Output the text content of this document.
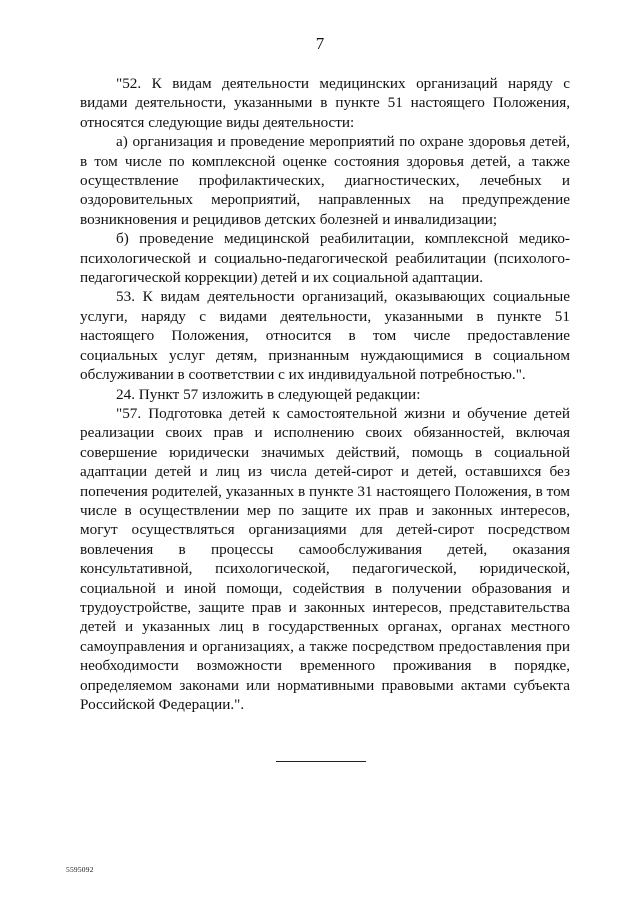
7

"52. К видам деятельности медицинских организаций наряду с видами деятельности, указанными в пункте 51 настоящего Положения, относятся следующие виды деятельности:

а) организация и проведение мероприятий по охране здоровья детей, в том числе по комплексной оценке состояния здоровья детей, а также осуществление профилактических, диагностических, лечебных и оздоровительных мероприятий, направленных на предупреждение возникновения и рецидивов детских болезней и инвалидизации;

б) проведение медицинской реабилитации, комплексной медико-психологической и социально-педагогической реабилитации (психолого-педагогической коррекции) детей и их социальной адаптации.

53. К видам деятельности организаций, оказывающих социальные услуги, наряду с видами деятельности, указанными в пункте 51 настоящего Положения, относится в том числе предоставление социальных услуг детям, признанным нуждающимися в социальном обслуживании в соответствии с их индивидуальной потребностью.".

24. Пункт 57 изложить в следующей редакции:

"57. Подготовка детей к самостоятельной жизни и обучение детей реализации своих прав и исполнению своих обязанностей, включая совершение юридически значимых действий, помощь в социальной адаптации детей и лиц из числа детей-сирот и детей, оставшихся без попечения родителей, указанных в пункте 31 настоящего Положения, в том числе в осуществлении мер по защите их прав и законных интересов, могут осуществляться организациями для детей-сирот посредством вовлечения в процессы самообслуживания детей, оказания консультативной, психологической, педагогической, юридической, социальной и иной помощи, содействия в получении образования и трудоустройстве, защите прав и законных интересов, представительства детей и указанных лиц в государственных органах, органах местного самоуправления и организациях, а также посредством предоставления при необходимости возможности временного проживания в порядке, определяемом законами или нормативными правовыми актами субъекта Российской Федерации.".

5595092
